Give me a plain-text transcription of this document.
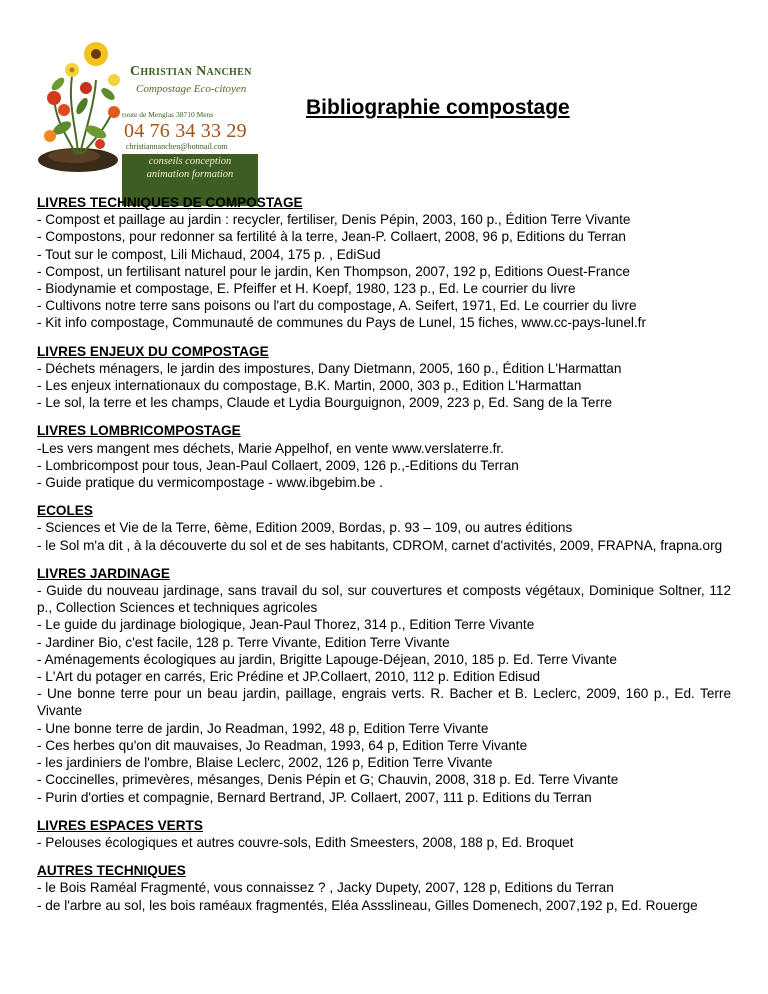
Christian Nanchen
Compostage Eco-citoyen
route de Menglas 38710 Mens
04 76 34 33 29
christiannanchen@hotmail.com
conseils conception
animation formation
Bibliographie compostage
LIVRES TECHNIQUES DE COMPOSTAGE

- Compost et paillage au jardin : recycler, fertiliser, Denis Pépin, 2003, 160 p., Édition Terre Vivante

- Compostons, pour redonner sa fertilité à la terre, Jean-P. Collaert, 2008, 96 p, Editions du Terran

- Tout sur le compost, Lili Michaud, 2004, 175 p. , EdiSud

- Compost, un fertilisant naturel pour le jardin, Ken Thompson, 2007, 192 p, Editions Ouest-France

- Biodynamie et compostage, E. Pfeiffer et H. Koepf, 1980, 123 p., Ed. Le courrier du livre

- Cultivons notre terre sans poisons ou l'art du compostage, A. Seifert, 1971, Ed. Le courrier du livre

- Kit info compostage, Communauté de communes du Pays de Lunel, 15 fiches, www.cc-pays-lunel.fr

LIVRES ENJEUX DU COMPOSTAGE

- Déchets ménagers, le jardin des impostures, Dany Dietmann, 2005, 160 p., Édition L'Harmattan

- Les enjeux internationaux du compostage, B.K. Martin, 2000, 303 p., Edition L'Harmattan

- Le sol, la terre et les champs, Claude et Lydia Bourguignon, 2009, 223 p, Ed. Sang de la Terre

LIVRES LOMBRICOMPOSTAGE

-Les vers mangent mes déchets, Marie Appelhof, en vente www.verslaterre.fr.

- Lombricompost pour tous, Jean-Paul Collaert, 2009, 126 p.,-Editions du Terran

- Guide pratique du vermicompostage - www.ibgebim.be .

ECOLES

- Sciences et Vie de la Terre, 6ème, Edition 2009, Bordas, p. 93 – 109, ou autres éditions

- le Sol m'a dit , à la découverte du sol et de ses habitants, CDROM, carnet d'activités, 2009, FRAPNA, frapna.org

LIVRES JARDINAGE

- Guide du nouveau jardinage, sans travail du sol, sur couvertures et composts végétaux, Dominique Soltner, 112 p., Collection Sciences et techniques agricoles

- Le guide du jardinage biologique, Jean-Paul Thorez, 314 p., Edition Terre Vivante

- Jardiner Bio, c'est facile, 128 p. Terre Vivante, Edition Terre Vivante

- Aménagements écologiques au jardin, Brigitte Lapouge-Déjean, 2010, 185 p. Ed. Terre Vivante

- L'Art du potager en carrés, Eric Prédine et JP.Collaert, 2010, 112 p. Edition Edisud

- Une bonne terre pour un beau jardin, paillage, engrais verts. R. Bacher et B. Leclerc, 2009, 160 p., Ed. Terre Vivante

- Une bonne terre de jardin, Jo Readman, 1992, 48 p, Edition Terre Vivante

- Ces herbes qu'on dit mauvaises, Jo Readman, 1993, 64 p, Edition Terre Vivante

- les jardiniers de l'ombre, Blaise Leclerc, 2002, 126 p, Edition Terre Vivante

- Coccinelles, primevères, mésanges, Denis Pépin et G; Chauvin, 2008, 318 p. Ed. Terre Vivante

- Purin d'orties et compagnie, Bernard Bertrand, JP. Collaert, 2007, 111 p. Editions du Terran

LIVRES ESPACES VERTS

- Pelouses écologiques et autres couvre-sols, Edith Smeesters, 2008, 188 p, Ed. Broquet

AUTRES TECHNIQUES

- le Bois Raméal Fragmenté, vous connaissez ? , Jacky Dupety, 2007, 128 p, Editions du Terran

- de l'arbre au sol, les bois raméaux fragmentés, Eléa Assslineau, Gilles Domenech, 2007,192 p, Ed. Rouerge
